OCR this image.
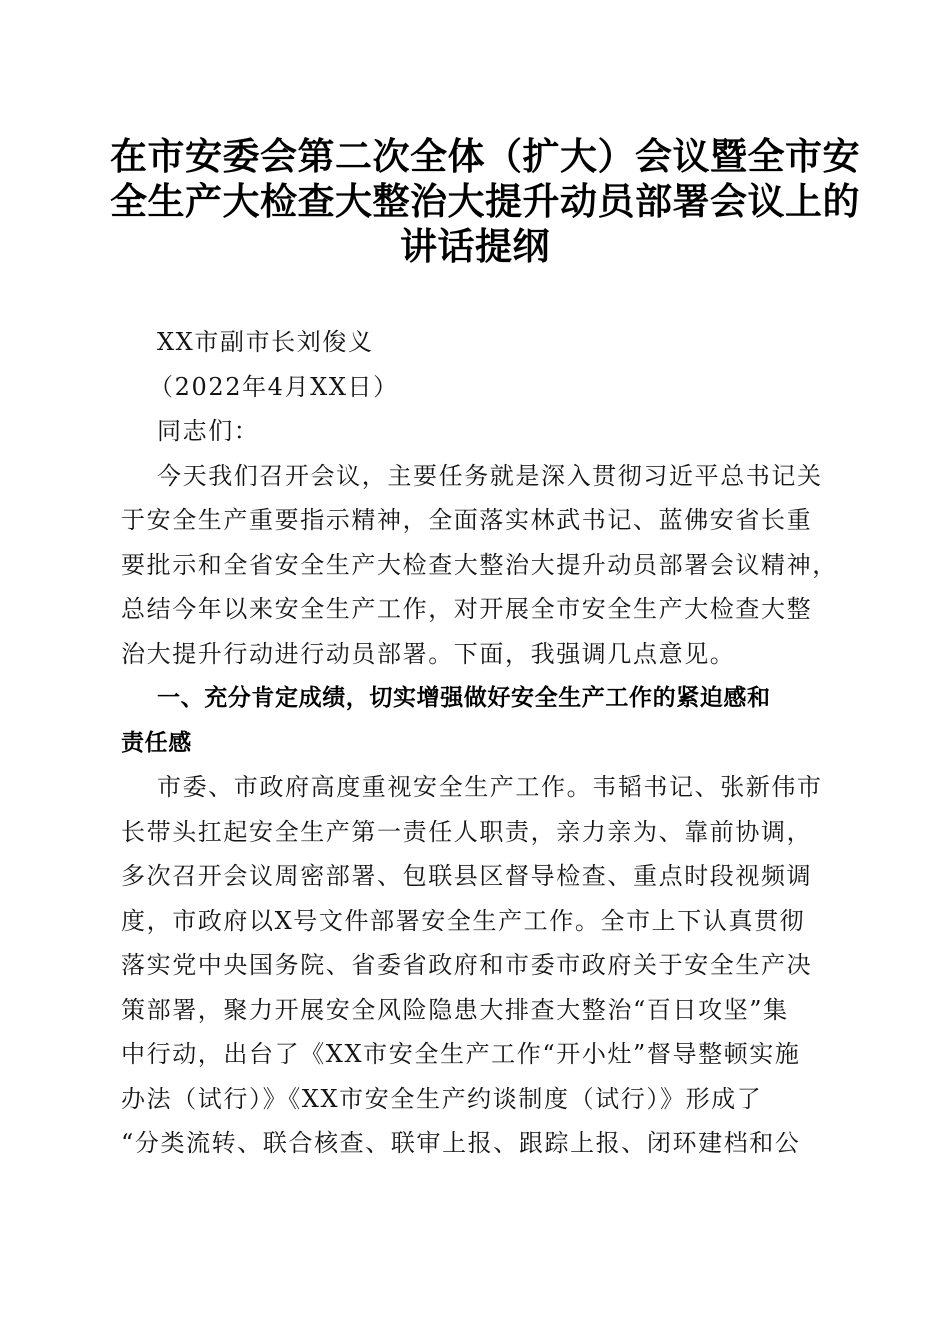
在市安委会第二次全体（扩大）会议暨全市安
全生产大检查大整治大提升动员部署会议上的
讲话提纲
XX市副市长刘俊义
（2022年4月XX日）
同志们：
今天我们召开会议，主要任务就是深入贯彻习近平总书记关
于安全生产重要指示精神，全面落实林武书记、蓝佛安省长重
要批示和全省安全生产大检查大整治大提升动员部署会议精神，
总结今年以来安全生产工作，对开展全市安全生产大检查大整
治大提升行动进行动员部署。下面，我强调几点意见。
一、充分肯定成绩，切实增强做好安全生产工作的紧迫感和
责任感
市委、市政府高度重视安全生产工作。韦韬书记、张新伟市
长带头扛起安全生产第一责任人职责，亲力亲为、靠前协调，
多次召开会议周密部署、包联县区督导检查、重点时段视频调
度，市政府以X号文件部署安全生产工作。全市上下认真贯彻
落实党中央国务院、省委省政府和市委市政府关于安全生产决
策部署，聚力开展安全风险隐患大排查大整治“百日攻坚”集
中行动，出台了《XX市安全生产工作“开小灶”督导整顿实施
办法（试行）》《XX市安全生产约谈制度（试行）》形成了
“分类流转、联合核查、联审上报、跟踪上报、闭环建档和公
